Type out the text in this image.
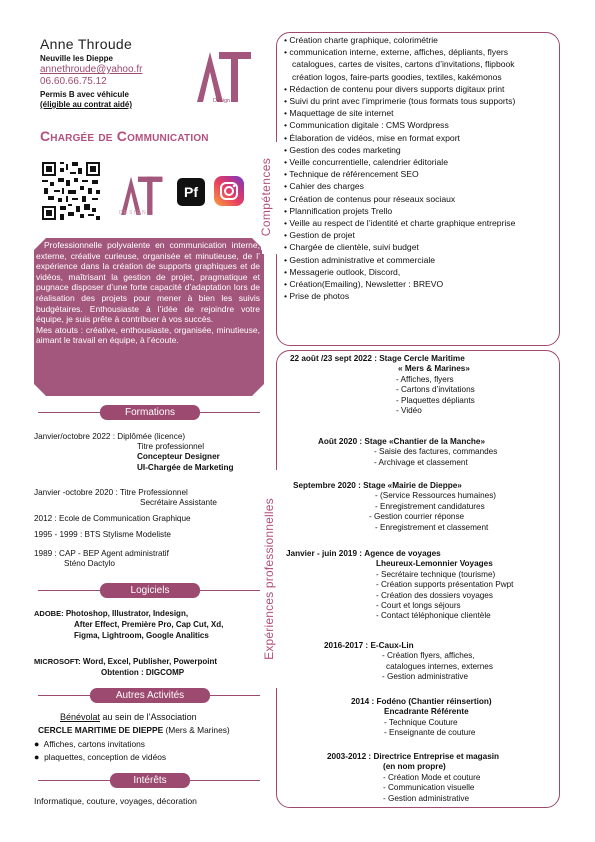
Anne Throude
Neuville les Dieppe
annethroude@yahoo.fr
06.60.66.75.12
Permis B avec véhicule
(éligible au contrat aidé)	Design
Chargée de Communication
DESIGN
Pf
Professionnelle polyvalente en communication interne, externe, créative curieuse, organisée et minutieuse, de l’ expérience dans la création de supports graphiques et de vidéos, maîtrisant la gestion de projet, pragmatique et pugnace disposer d’une forte capacité d’adaptation lors de réalisation des projets pour mener à bien les suivis budgétaires. Enthousiaste à l’idée de rejoindre votre équipe, je suis prête à contribuer à vos succès.
Mes atouts : créative, enthousiaste, organisée, minutieuse, aimant le travail en équipe, à l’écoute.
Formations
Janvier/octobre 2022 : Diplômée (licence)
Titre professionnel
Concepteur Designer
UI-Chargée de Marketing
Janvier -octobre 2020 : Titre Professionnel
Secrétaire Assistante
2012 : Ecole de Communication Graphique
1995 - 1999 : BTS Stylisme Modeliste
1989 : CAP - BEP Agent administratif
Sténo Dactylo
Logiciels
ADOBE: Photoshop, Illustrator, Indesign,
After Effect, Première Pro, Cap Cut, Xd,
Figma, Lightroom, Google Analitics
MICROSOFT: Word, Excel, Publisher, Powerpoint
Obtention : DIGCOMP
Autres Activités
Bénévolat au sein de l’Association
CERCLE MARITIME DE DIEPPE (Mers & Marines)
● Affiches, cartons invitations
● plaquettes, conception de vidéos
Intérêts
Informatique, couture, voyages, décoration
Compétences
• Création charte graphique, colorimétrie
• communication interne, externe, affiches, dépliants, flyers
catalogues, cartes de visites, cartons d’invitations, flipbook
création logos, faire-parts goodies, textiles, kakémonos
• Rédaction de contenu pour divers supports digitaux print
• Suivi du print avec l’imprimerie (tous formats tous supports)
• Maquettage de site internet
• Communication digitale : CMS Wordpress
• Élaboration de vidéos, mise en format export
• Gestion des codes marketing
• Veille concurrentielle, calendrier éditoriale
• Technique de référencement SEO
• Cahier des charges
• Création de contenus pour réseaux sociaux
• Plannification projets Trello
• Veille au respect de l’identité et charte graphique entreprise
• Gestion de projet
• Chargée de clientèle, suivi budget
• Gestion administrative et commerciale
• Messagerie outlook, Discord,
• Création(Emailing), Newsletter : BREVO
• Prise de photos
Expériences professionnelles
22 août /23 sept 2022 : Stage Cercle Maritime
« Mers & Marines»
- Affiches, flyers
- Cartons d’invitations
- Plaquettes dépliants
- Vidéo
Août 2020 : Stage «Chantier de la Manche»
- Saisie des factures, commandes
- Archivage et classement
Septembre 2020 : Stage «Mairie de Dieppe»
- (Service Ressources humaines)
- Enregistrement candidatures
- Gestion courrier réponse
- Enregistrement et classement
Janvier - juin 2019 : Agence de voyages
Lheureux-Lemonnier Voyages
- Secrétaire technique (tourisme)
- Création supports présentation Pwpt
- Création des dossiers voyages
- Court et longs séjours
- Contact téléphonique clientèle
2016-2017 : E-Caux-Lin
- Création flyers, affiches,
catalogues internes, externes
- Gestion administrative
2014 : Fodéno (Chantier réinsertion)
Encadrante Référente
- Technique Couture
- Enseignante de couture
2003-2012 : Directrice Entreprise et magasin
(en nom propre)
- Création Mode et couture
- Communication visuelle
- Gestion administrative
